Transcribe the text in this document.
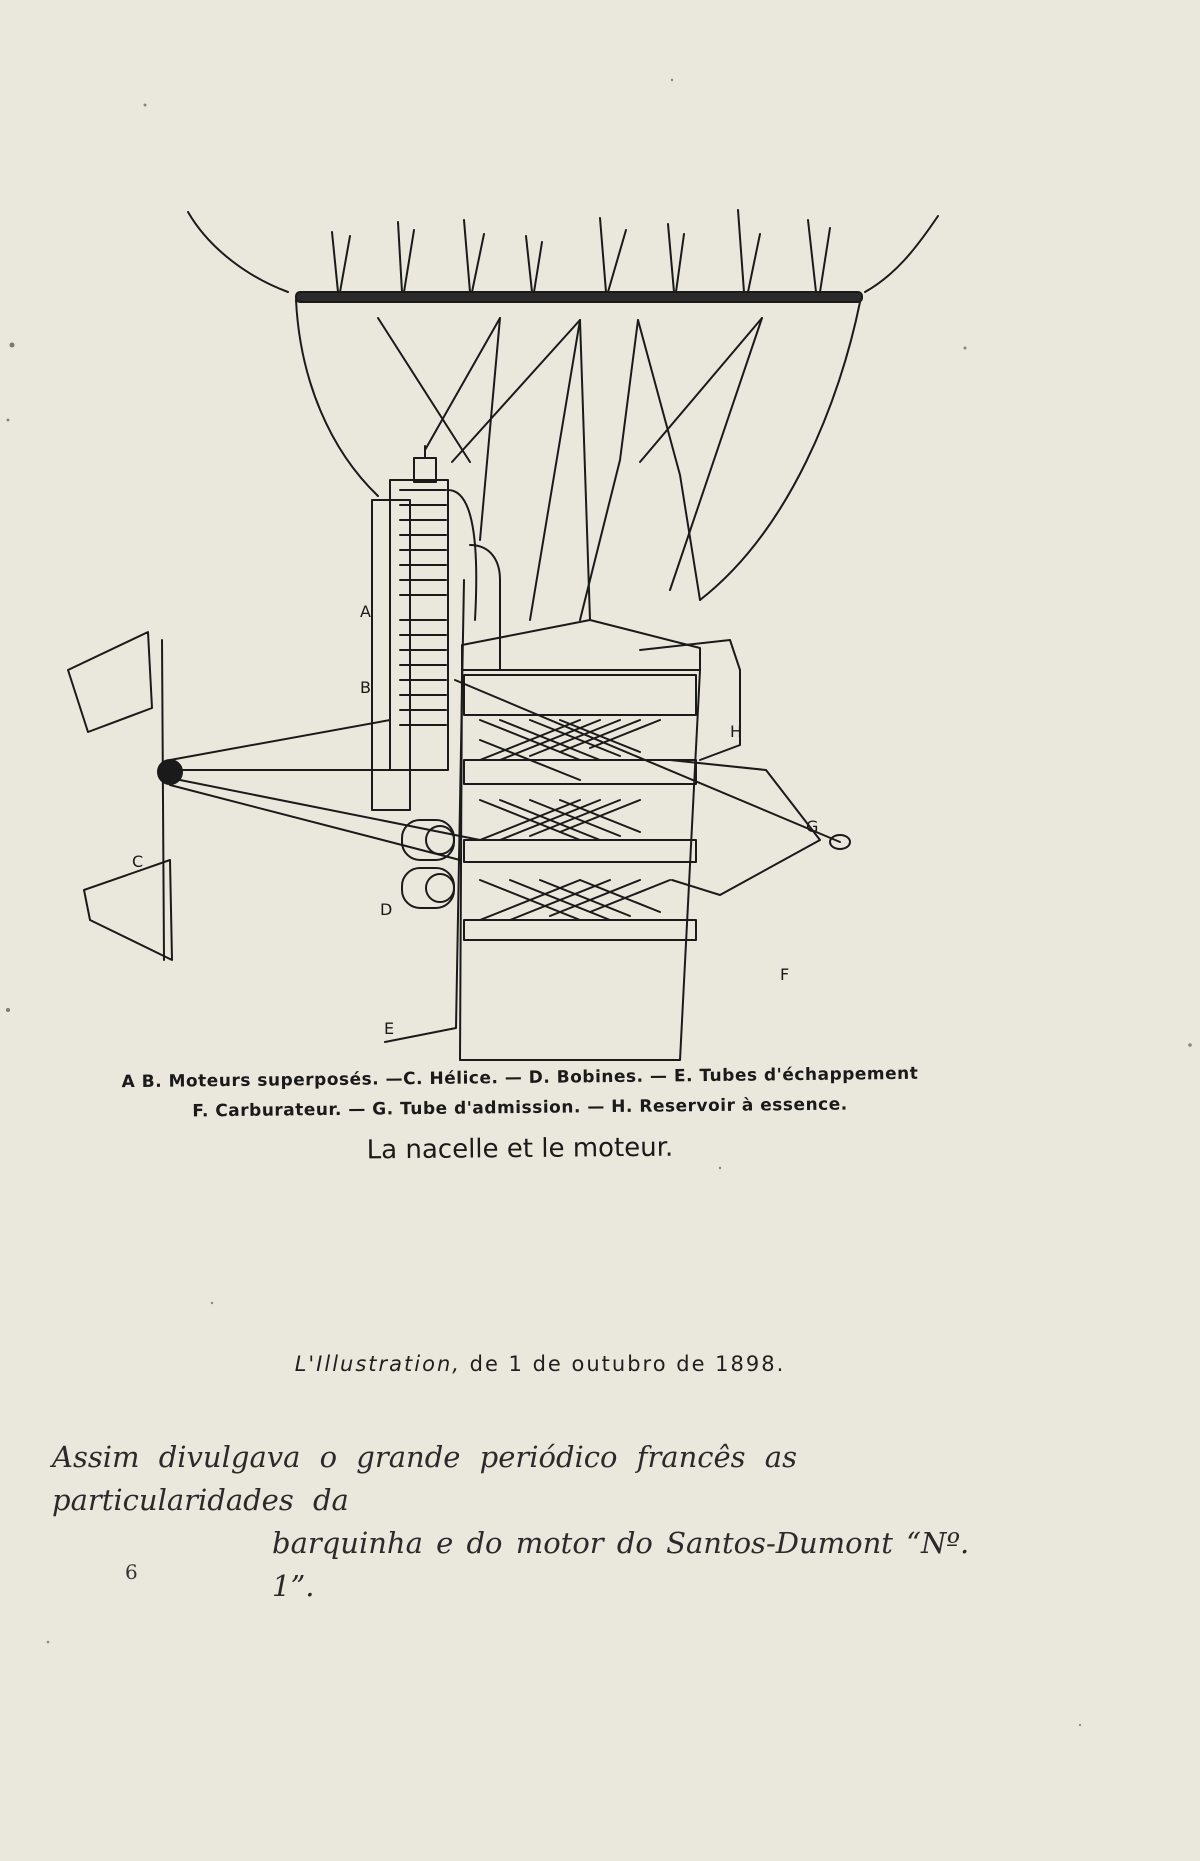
A
B
C
D
E
F
G
H
A B. Moteurs superposés. —C. Hélice. — D. Bobines. — E. Tubes d'échappement
F. Carburateur. — G. Tube d'admission. — H. Reservoir à essence.
La nacelle et le moteur.
L'Illustration, de 1 de outubro de 1898.
Assim divulgava o grande periódico francês as particularidades da
barquinha e do motor do Santos-Dumont “Nº. 1”.
6
